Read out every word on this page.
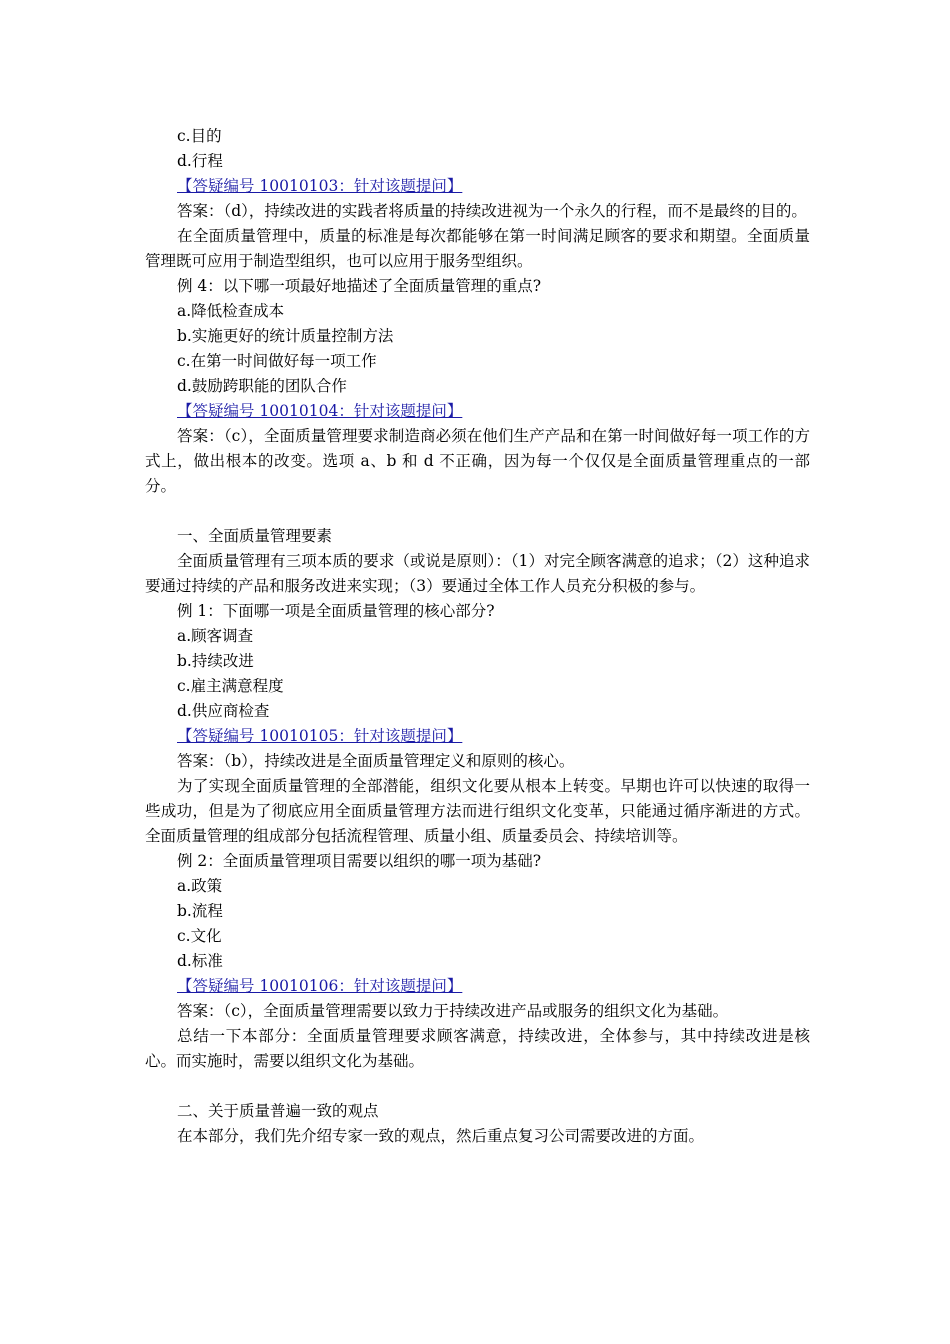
c.目的

d.行程

【答疑编号 10010103：针对该题提问】

答案：（d），持续改进的实践者将质量的持续改进视为一个永久的行程，而不是最终的目的。

在全面质量管理中，质量的标准是每次都能够在第一时间满足顾客的要求和期望。全面质量管理既可应用于制造型组织，也可以应用于服务型组织。

例 4：以下哪一项最好地描述了全面质量管理的重点?

a.降低检查成本

b.实施更好的统计质量控制方法

c.在第一时间做好每一项工作

d.鼓励跨职能的团队合作

【答疑编号 10010104：针对该题提问】

答案：（c），全面质量管理要求制造商必须在他们生产产品和在第一时间做好每一项工作的方式上，做出根本的改变。选项 a、b 和 d 不正确，因为每一个仅仅是全面质量管理重点的一部分。

一、全面质量管理要素

全面质量管理有三项本质的要求（或说是原则）：（1）对完全顾客满意的追求；（2）这种追求要通过持续的产品和服务改进来实现；（3）要通过全体工作人员充分积极的参与。

例 1：下面哪一项是全面质量管理的核心部分?

a.顾客调查

b.持续改进

c.雇主满意程度

d.供应商检查

【答疑编号 10010105：针对该题提问】

答案：（b），持续改进是全面质量管理定义和原则的核心。

为了实现全面质量管理的全部潜能，组织文化要从根本上转变。早期也许可以快速的取得一些成功，但是为了彻底应用全面质量管理方法而进行组织文化变革，只能通过循序渐进的方式。全面质量管理的组成部分包括流程管理、质量小组、质量委员会、持续培训等。

例 2：全面质量管理项目需要以组织的哪一项为基础?

a.政策

b.流程

c.文化

d.标准

【答疑编号 10010106：针对该题提问】

答案：（c），全面质量管理需要以致力于持续改进产品或服务的组织文化为基础。

总结一下本部分：全面质量管理要求顾客满意，持续改进，全体参与，其中持续改进是核心。而实施时，需要以组织文化为基础。

二、关于质量普遍一致的观点

在本部分，我们先介绍专家一致的观点，然后重点复习公司需要改进的方面。
